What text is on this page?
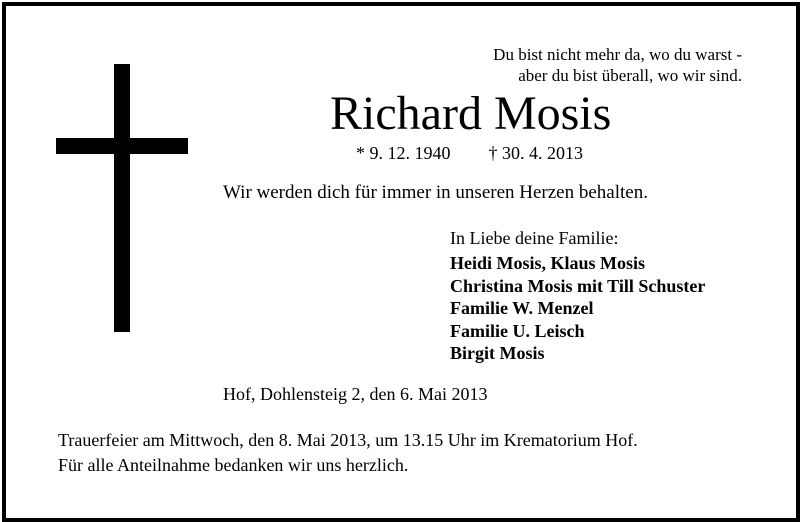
Du bist nicht mehr da, wo du warst -
aber du bist überall, wo wir sind.
Richard Mosis
* 9. 12. 1940 † 30. 4. 2013
Wir werden dich für immer in unseren Herzen behalten.
In Liebe deine Familie:
Heidi Mosis, Klaus Mosis
Christina Mosis mit Till Schuster
Familie W. Menzel
Familie U. Leisch
Birgit Mosis
Hof, Dohlensteig 2, den 6. Mai 2013
Trauerfeier am Mittwoch, den 8. Mai 2013, um 13.15 Uhr im Krematorium Hof.
Für alle Anteilnahme bedanken wir uns herzlich.
